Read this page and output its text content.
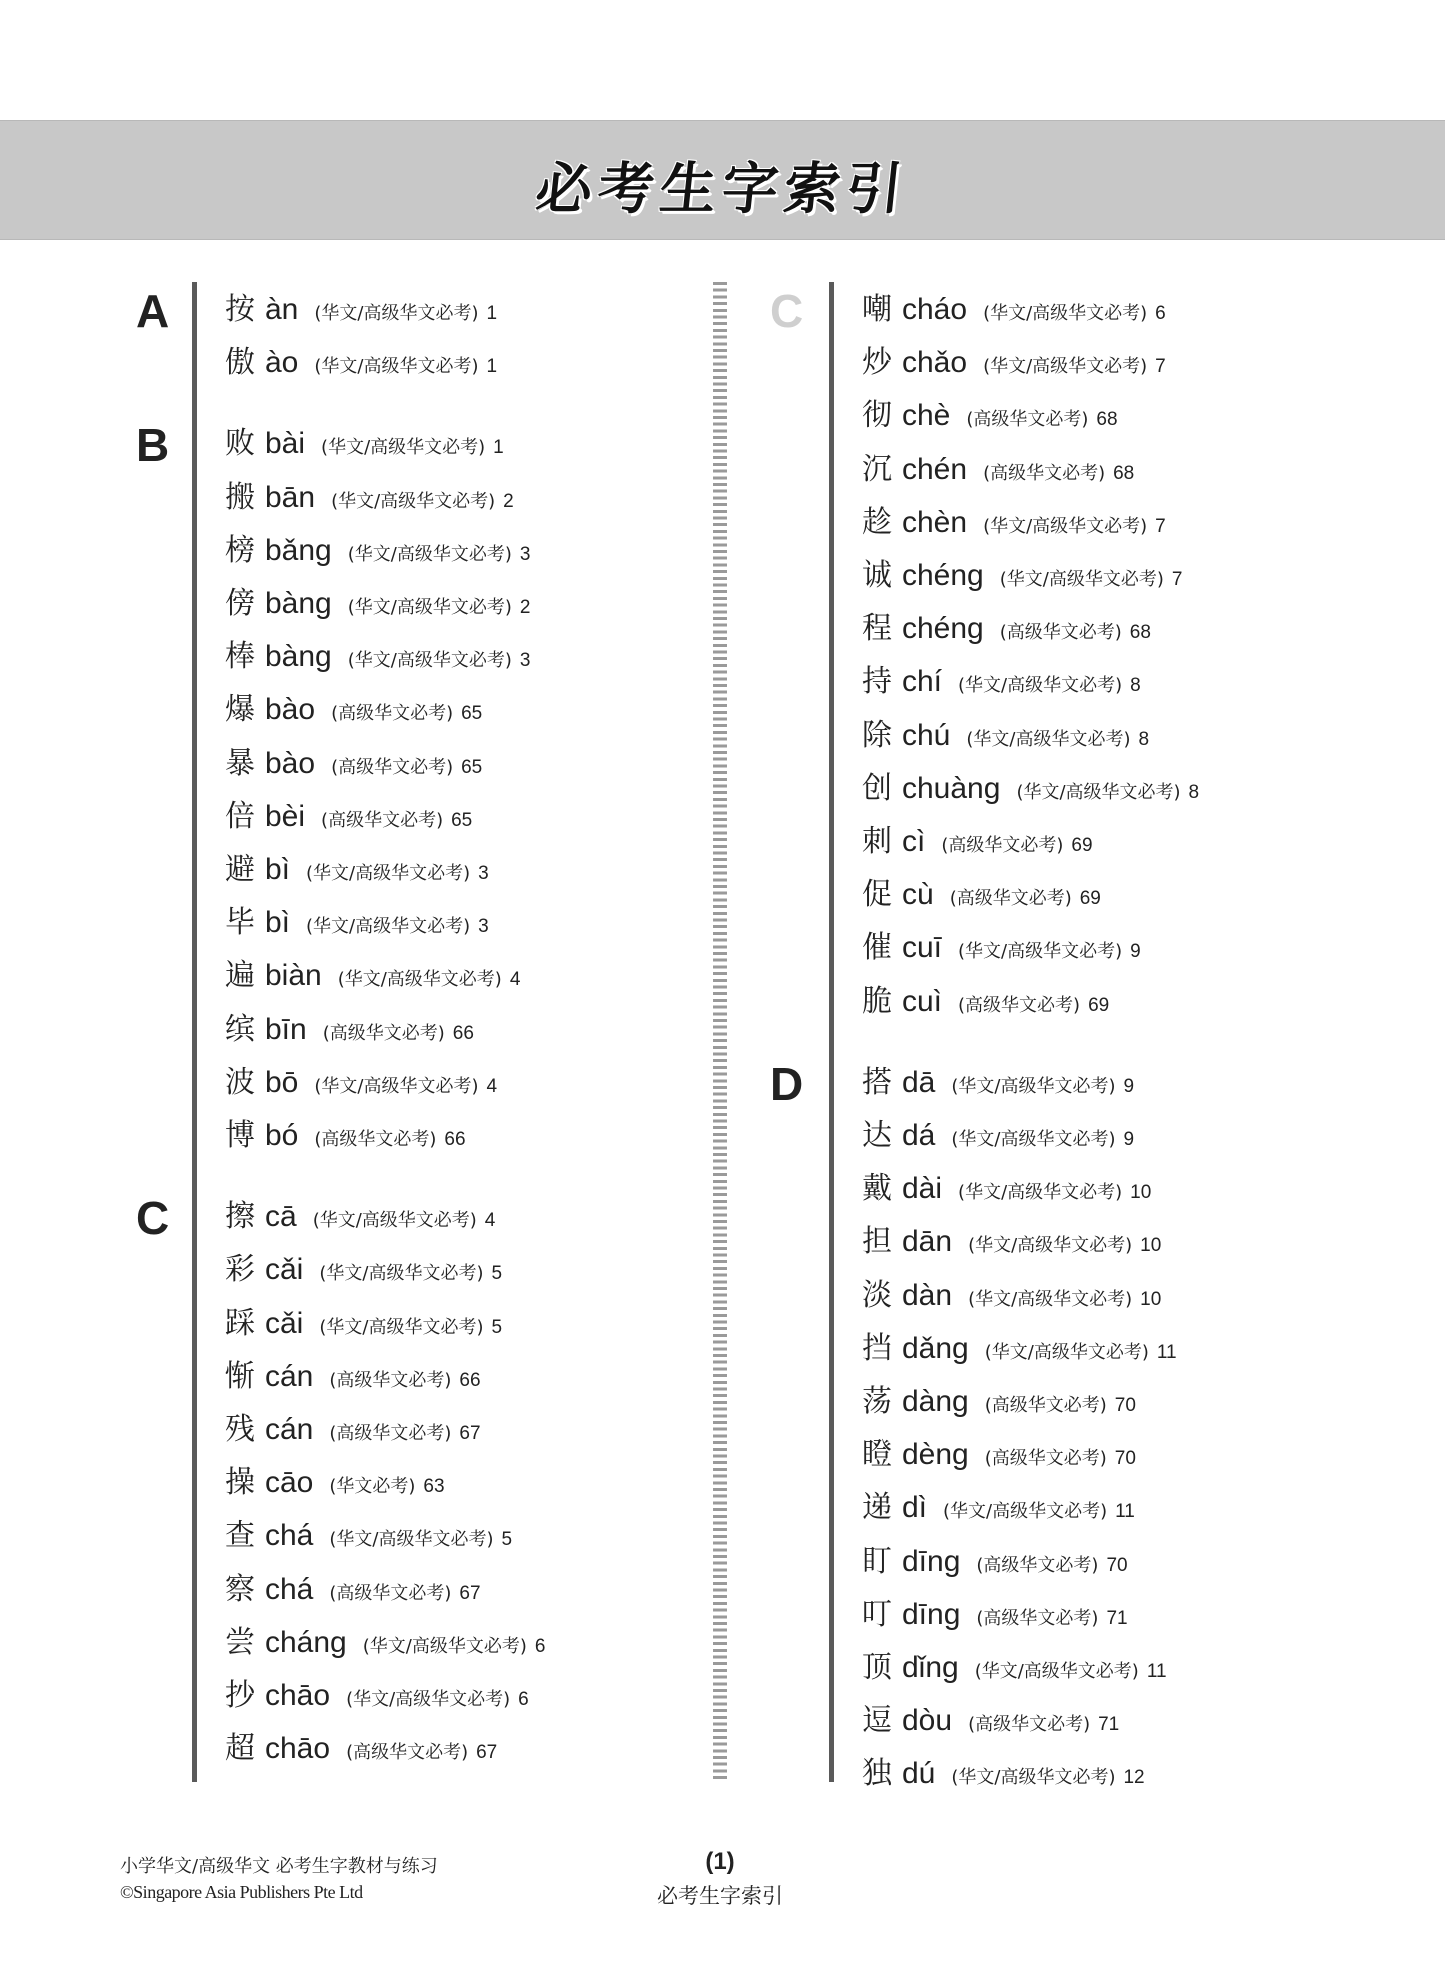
必考生字索引
A 按 àn (华文/高级华文必考) 1
傲 ào (华文/高级华文必考) 1
B 败 bài (华文/高级华文必考) 1
搬 bān (华文/高级华文必考) 2
榜 bǎng (华文/高级华文必考) 3
傍 bàng (华文/高级华文必考) 2
棒 bàng (华文/高级华文必考) 3
爆 bào (高级华文必考) 65
暴 bào (高级华文必考) 65
倍 bèi (高级华文必考) 65
避 bì (华文/高级华文必考) 3
毕 bì (华文/高级华文必考) 3
遍 biàn (华文/高级华文必考) 4
缤 bīn (高级华文必考) 66
波 bō (华文/高级华文必考) 4
博 bó (高级华文必考) 66
C 擦 cā (华文/高级华文必考) 4
彩 cǎi (华文/高级华文必考) 5
踩 cǎi (华文/高级华文必考) 5
惭 cán (高级华文必考) 66
残 cán (高级华文必考) 67
操 cāo (华文必考) 63
查 chá (华文/高级华文必考) 5
察 chá (高级华文必考) 67
尝 cháng (华文/高级华文必考) 6
抄 chāo (华文/高级华文必考) 6
超 chāo (高级华文必考) 67
C 嘲 cháo (华文/高级华文必考) 6
炒 chǎo (华文/高级华文必考) 7
彻 chè (高级华文必考) 68
沉 chén (高级华文必考) 68
趁 chèn (华文/高级华文必考) 7
诚 chéng (华文/高级华文必考) 7
程 chéng (高级华文必考) 68
持 chí (华文/高级华文必考) 8
除 chú (华文/高级华文必考) 8
创 chuàng (华文/高级华文必考) 8
刺 cì (高级华文必考) 69
促 cù (高级华文必考) 69
催 cuī (华文/高级华文必考) 9
脆 cuì (高级华文必考) 69
D 搭 dā (华文/高级华文必考) 9
达 dá (华文/高级华文必考) 9
戴 dài (华文/高级华文必考) 10
担 dān (华文/高级华文必考) 10
淡 dàn (华文/高级华文必考) 10
挡 dǎng (华文/高级华文必考) 11
荡 dàng (高级华文必考) 70
瞪 dèng (高级华文必考) 70
递 dì (华文/高级华文必考) 11
盯 dīng (高级华文必考) 70
叮 dīng (高级华文必考) 71
顶 dǐng (华文/高级华文必考) 11
逗 dòu (高级华文必考) 71
独 dú (华文/高级华文必考) 12
小学华文/高级华文 必考生字教材与练习
©Singapore Asia Publishers Pte Ltd
(1)
必考生字索引
